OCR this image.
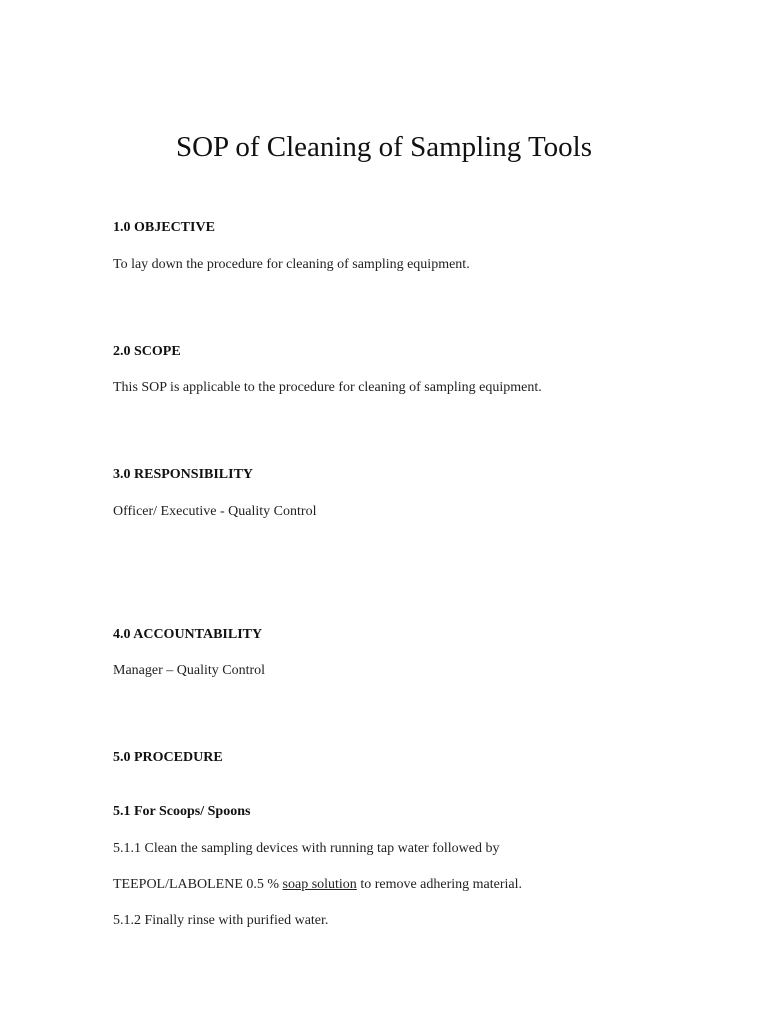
SOP of Cleaning of Sampling Tools

1.0 OBJECTIVE

To lay down the procedure for cleaning of sampling equipment.

2.0 SCOPE

This SOP is applicable to the procedure for cleaning of sampling equipment.

3.0 RESPONSIBILITY

Officer/ Executive - Quality Control

4.0 ACCOUNTABILITY

Manager – Quality Control

5.0 PROCEDURE

5.1 For Scoops/ Spoons

5.1.1 Clean the sampling devices with running tap water followed by

TEEPOL/LABOLENE 0.5 % soap solution to remove adhering material.

5.1.2 Finally rinse with purified water.
